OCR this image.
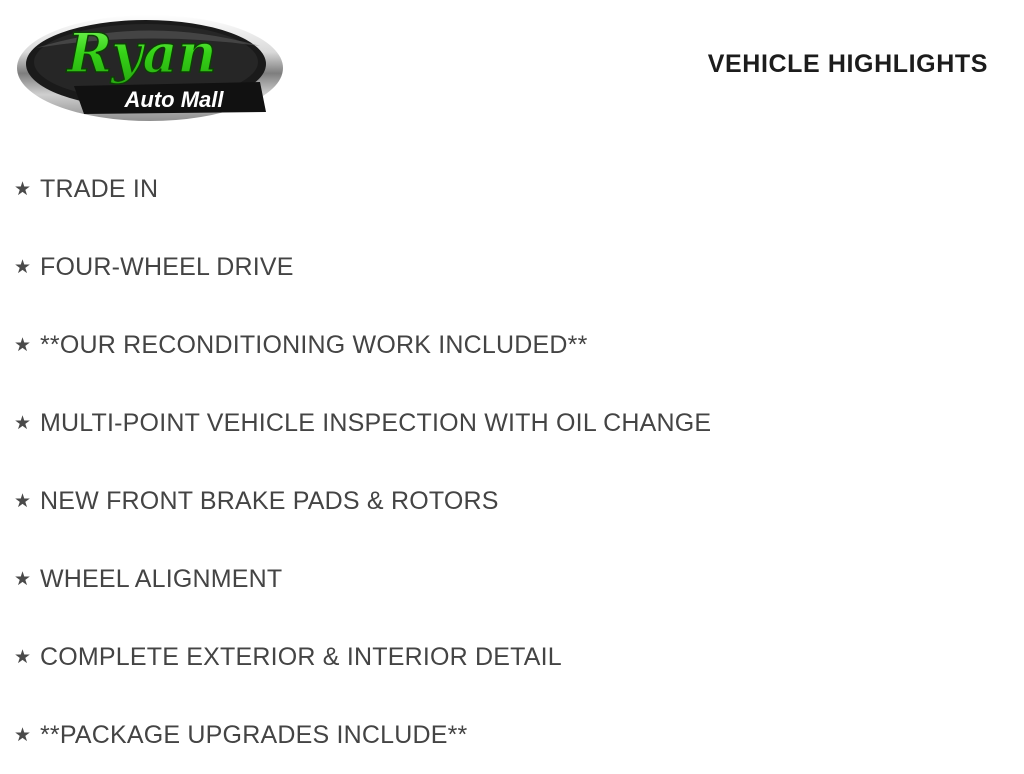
Ryan
Auto Mall
VEHICLE HIGHLIGHTS
★ TRADE IN
★ FOUR-WHEEL DRIVE
★ **OUR RECONDITIONING WORK INCLUDED**
★ MULTI-POINT VEHICLE INSPECTION WITH OIL CHANGE
★ NEW FRONT BRAKE PADS & ROTORS
★ WHEEL ALIGNMENT
★ COMPLETE EXTERIOR & INTERIOR DETAIL
★ **PACKAGE UPGRADES INCLUDE**
